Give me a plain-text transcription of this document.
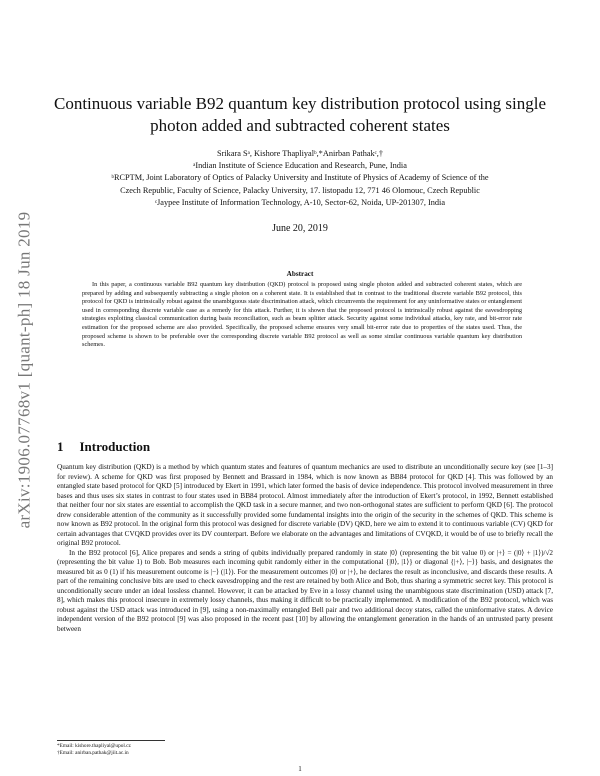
arXiv:1906.07768v1 [quant-ph] 18 Jun 2019
Continuous variable B92 quantum key distribution protocol using single
photon added and subtracted coherent states
Srikara Sᵃ, Kishore Thapliyalᵇ,*Anirban Pathakᶜ,†
ᵃIndian Institute of Science Education and Research, Pune, India
ᵇRCPTM, Joint Laboratory of Optics of Palacky University and Institute of Physics of Academy of Science of the
Czech Republic, Faculty of Science, Palacky University, 17. listopadu 12, 771 46 Olomouc, Czech Republic
ᶜJaypee Institute of Information Technology, A-10, Sector-62, Noida, UP-201307, India
June 20, 2019
Abstract
In this paper, a continuous variable B92 quantum key distribution (QKD) protocol is proposed using single photon added and subtracted coherent states, which are prepared by adding and subsequently subtracting a single photon on a coherent state. It is established that in contrast to the traditional discrete variable B92 protocol, this protocol for QKD is intrinsically robust against the unambiguous state discrimination attack, which circumvents the requirement for any uninformative states or entanglement used in corresponding discrete variable case as a remedy for this attack. Further, it is shown that the proposed protocol is intrinsically robust against the eavesdropping strategies exploiting classical communication during basis reconciliation, such as beam splitter attack. Security against some individual attacks, key rate, and bit-error rate estimation for the proposed scheme are also provided. Specifically, the proposed scheme ensures very small bit-error rate due to properties of the states used. Thus, the proposed scheme is shown to be preferable over the corresponding discrete variable B92 protocol as well as some similar continuous variable quantum key distribution schemes.
1 Introduction

Quantum key distribution (QKD) is a method by which quantum states and features of quantum mechanics are used to distribute an unconditionally secure key (see [1–3] for review). A scheme for QKD was first proposed by Bennett and Brassard in 1984, which is now known as BB84 protocol for QKD [4]. This was followed by an entangled state based protocol for QKD [5] introduced by Ekert in 1991, which later formed the basis of device independence. This protocol involved measurement in three bases and thus uses six states in contrast to four states used in BB84 protocol. Almost immediately after the introduction of Ekert’s protocol, in 1992, Bennett established that neither four nor six states are essential to accomplish the QKD task in a secure manner, and two non-orthogonal states are sufficient to perform QKD [6]. The protocol drew considerable attention of the community as it successfully provided some fundamental insights into the origin of the security in the schemes of QKD. This scheme is now known as B92 protocol. In the original form this protocol was designed for discrete variable (DV) QKD, here we aim to extend it to continuous variable (CV) QKD for certain advantages that CVQKD provides over its DV counterpart. Before we elaborate on the advantages and limitations of CVQKD, it would be of use to briefly recall the original B92 protocol.

In the B92 protocol [6], Alice prepares and sends a string of qubits individually prepared randomly in state |0⟩ (representing the bit value 0) or |+⟩ = (|0⟩ + |1⟩)/√2 (representing the bit value 1) to Bob. Bob measures each incoming qubit randomly either in the computational {|0⟩, |1⟩} or diagonal {|+⟩, |−⟩} basis, and designates the measured bit as 0 (1) if his measurement outcome is |−⟩ (|1⟩). For the measurement outcomes |0⟩ or |+⟩, he declares the result as inconclusive, and discards these results. A part of the remaining conclusive bits are used to check eavesdropping and the rest are retained by both Alice and Bob, thus sharing a symmetric secret key. This protocol is unconditionally secure under an ideal lossless channel. However, it can be attacked by Eve in a lossy channel using the unambiguous state discrimination (USD) attack [7, 8], which makes this protocol insecure in extremely lossy channels, thus making it difficult to be practically implemented. A modification of the B92 protocol, which was robust against the USD attack was introduced in [9], using a non-maximally entangled Bell pair and two additional decoy states, called the uninformative states. A device independent version of the B92 protocol [9] was also proposed in the recent past [10] by allowing the entanglement generation in the hands of an untrusted party present between

*Email: kishore.thapliyal@upol.cz
†Email: anirban.pathak@jiit.ac.in
1
